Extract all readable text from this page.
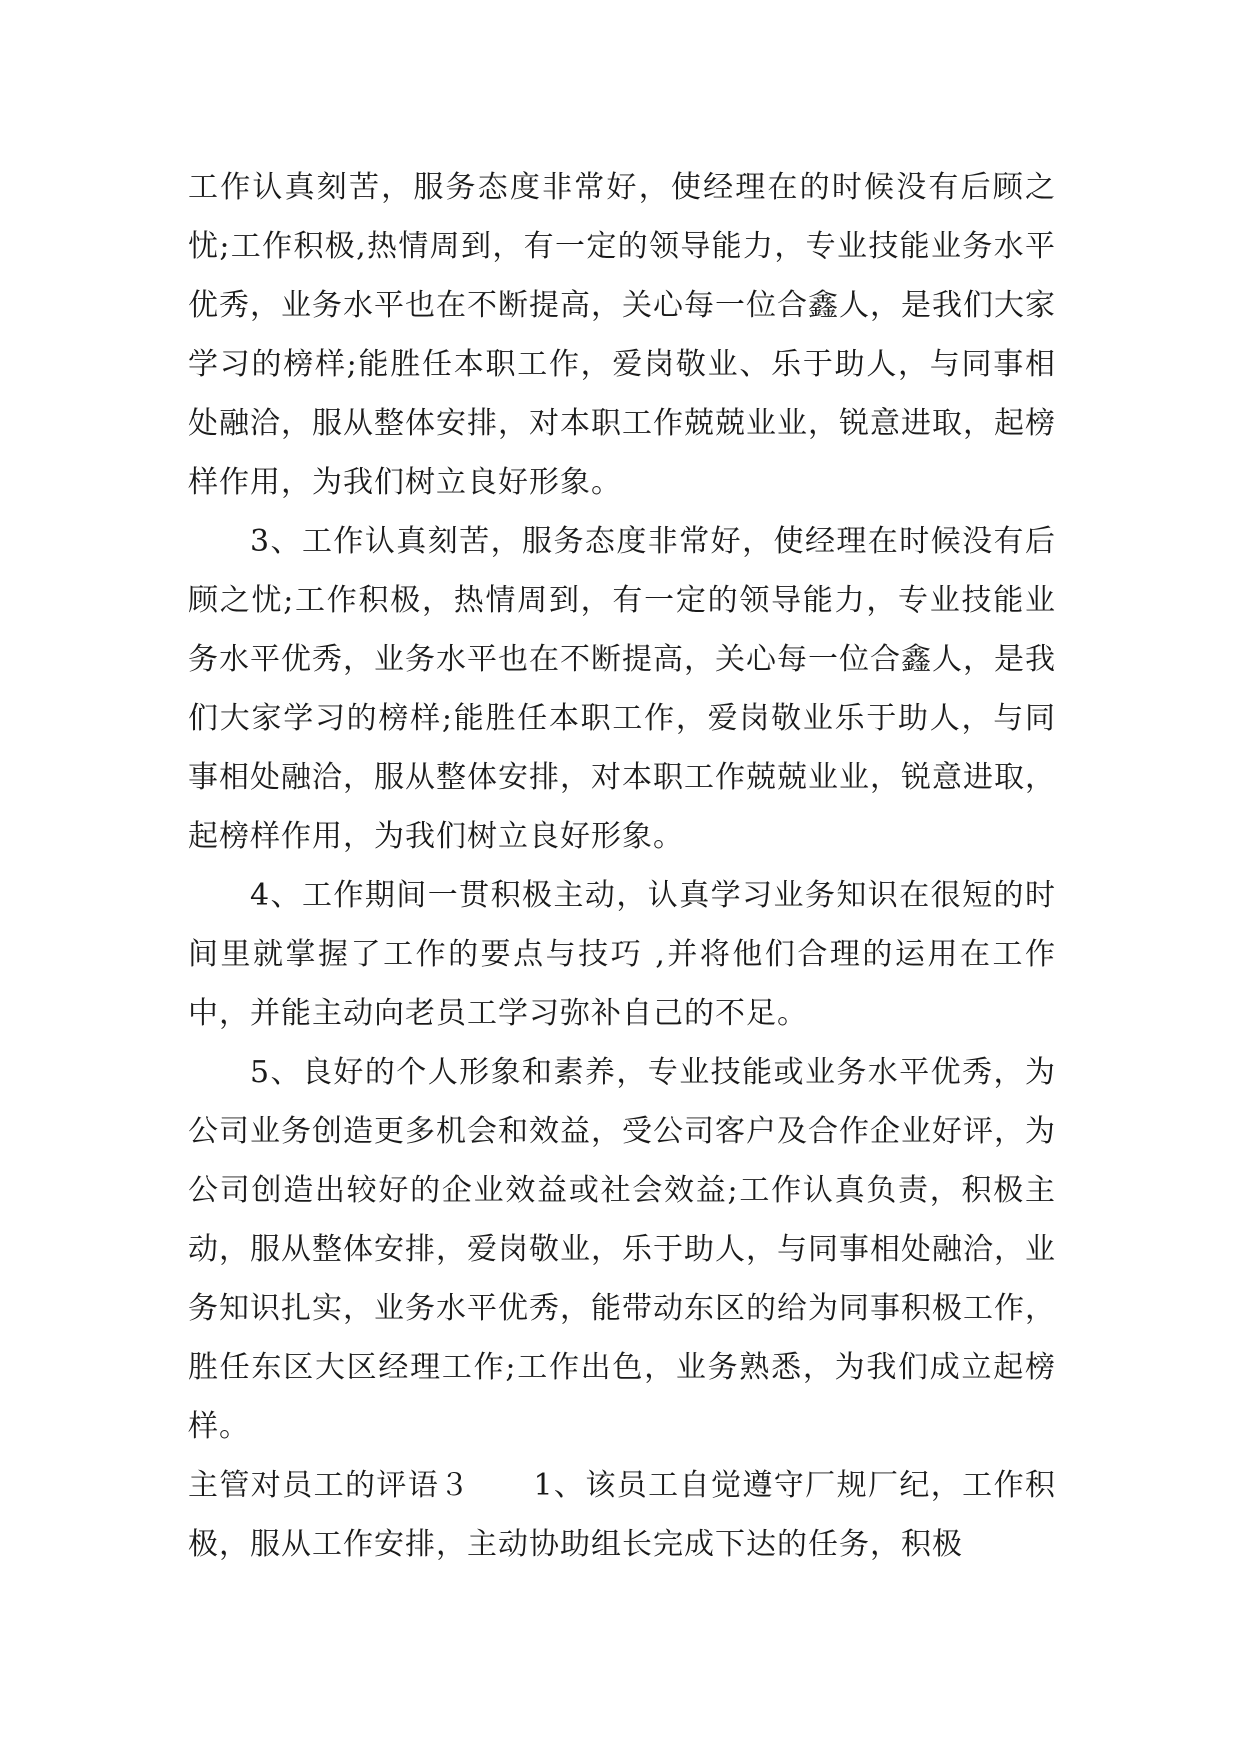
工作认真刻苦，服务态度非常好，使经理在的时候没有后顾之忧;工作积极,热情周到，有一定的领导能力，专业技能业务水平优秀，业务水平也在不断提高，关心每一位合鑫人，是我们大家学习的榜样;能胜任本职工作，爱岗敬业、乐于助人，与同事相处融洽，服从整体安排，对本职工作兢兢业业，锐意进取，起榜样作用，为我们树立良好形象。

3、工作认真刻苦，服务态度非常好，使经理在时候没有后顾之忧;工作积极，热情周到，有一定的领导能力，专业技能业务水平优秀，业务水平也在不断提高，关心每一位合鑫人，是我们大家学习的榜样;能胜任本职工作，爱岗敬业乐于助人，与同事相处融洽，服从整体安排，对本职工作兢兢业业，锐意进取，起榜样作用，为我们树立良好形象。

4、工作期间一贯积极主动，认真学习业务知识在很短的时间里就掌握了工作的要点与技巧 ,并将他们合理的运用在工作中，并能主动向老员工学习弥补自己的不足。

5、良好的个人形象和素养，专业技能或业务水平优秀，为公司业务创造更多机会和效益，受公司客户及合作企业好评，为公司创造出较好的企业效益或社会效益;工作认真负责，积极主动，服从整体安排，爱岗敬业，乐于助人，与同事相处融洽，业务知识扎实，业务水平优秀，能带动东区的给为同事积极工作，胜任东区大区经理工作;工作出色，业务熟悉，为我们成立起榜样。

主管对员工的评语３　　1、该员工自觉遵守厂规厂纪，工作积极，服从工作安排，主动协助组长完成下达的任务，积极
